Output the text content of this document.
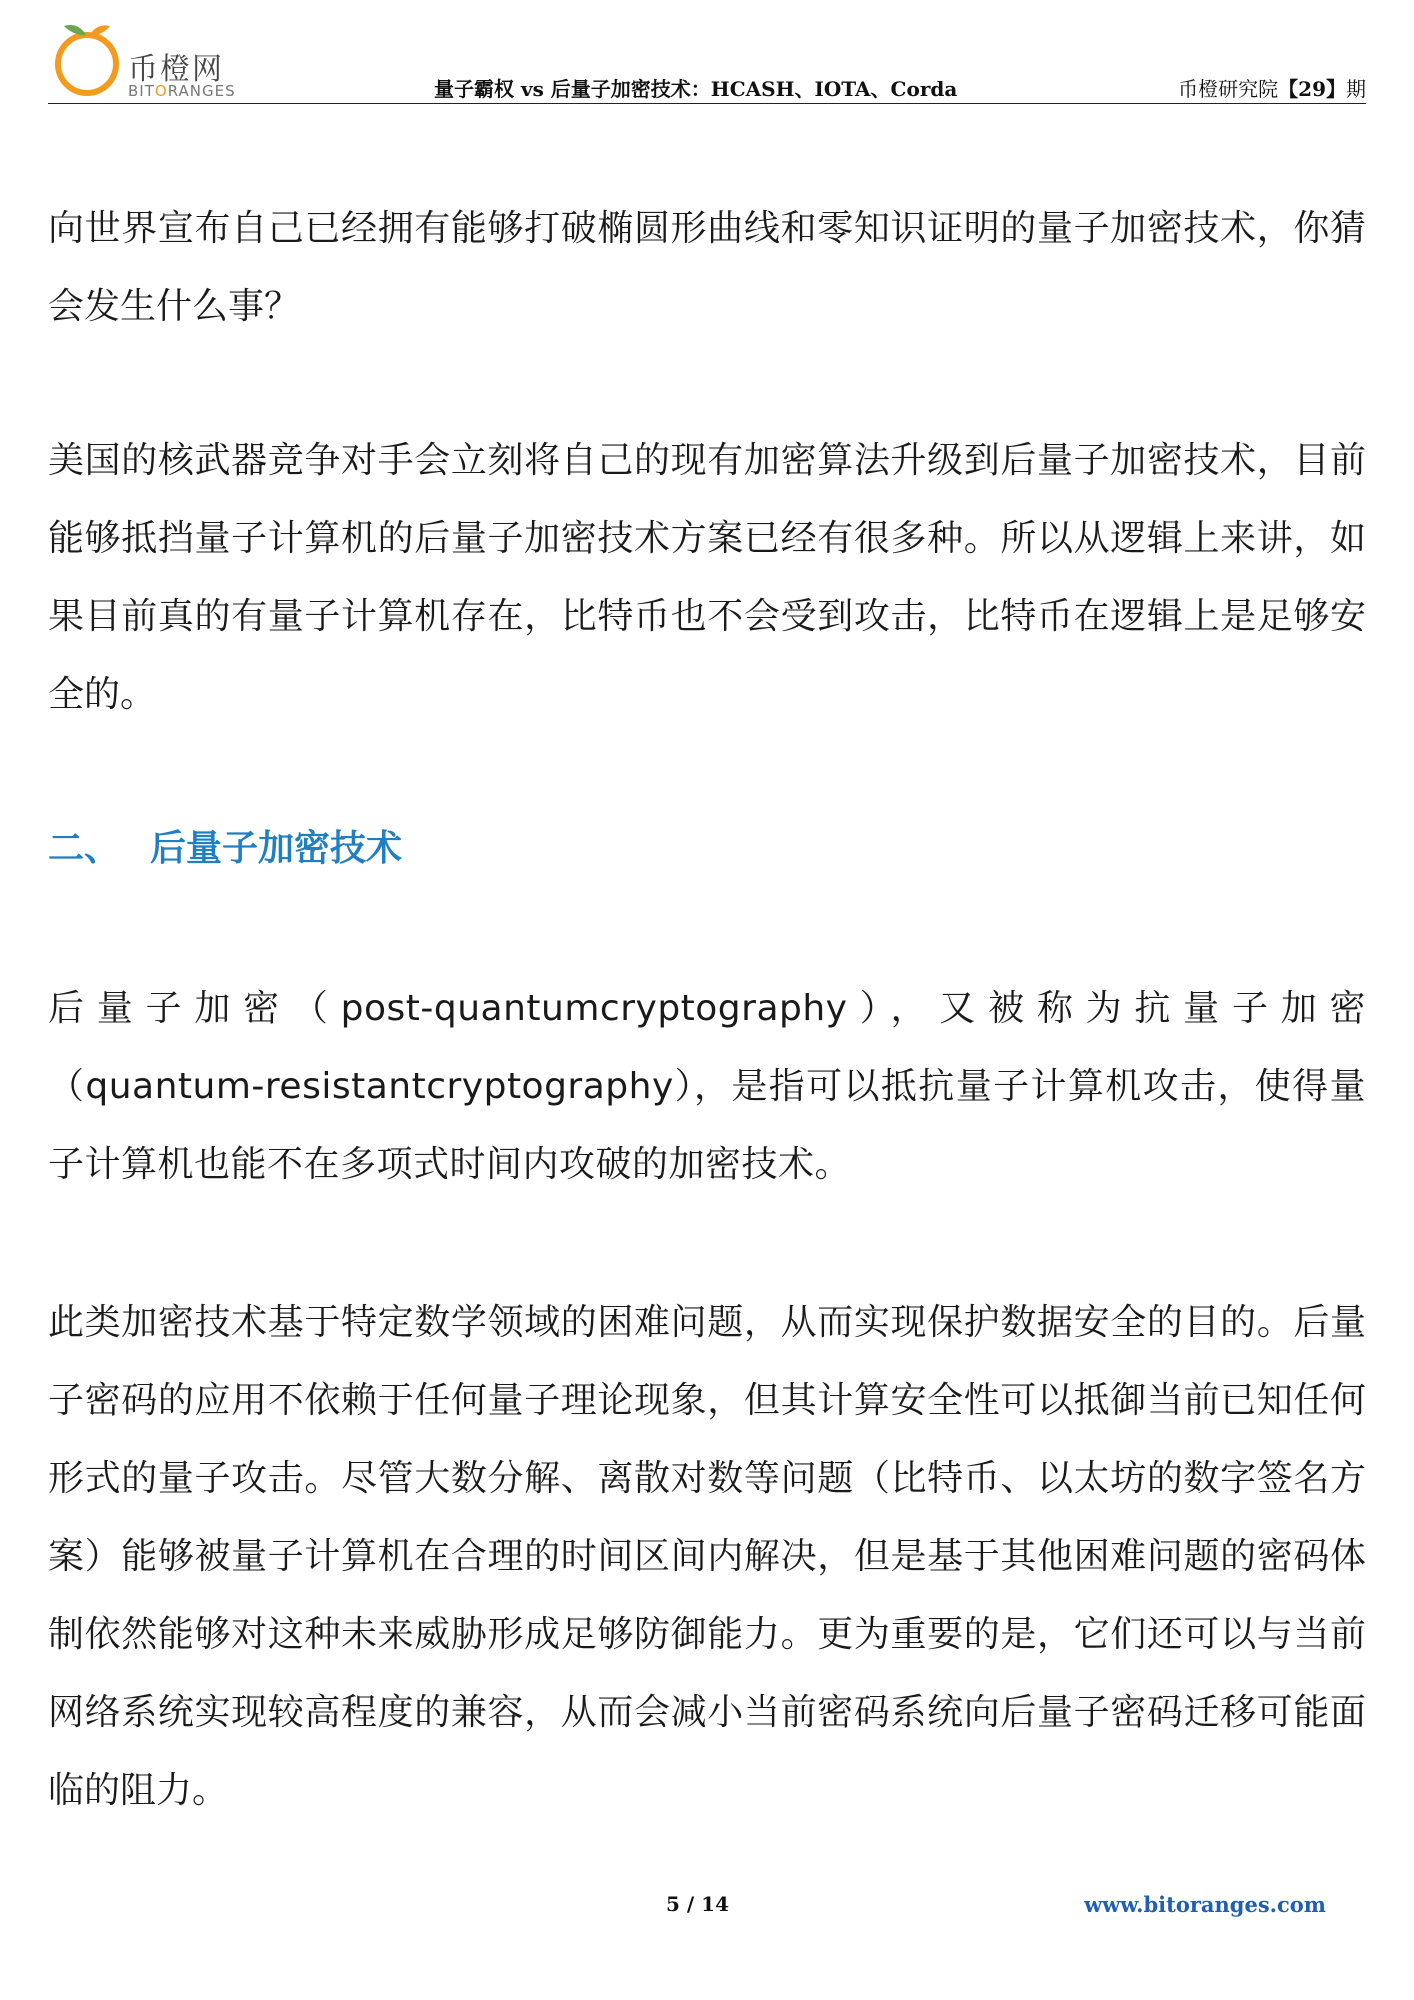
币橙网
BITORANGES	量子霸权 vs 后量子加密技术：HCASH、IOTA、Corda	币橙研究院【29】期

向世界宣布自己已经拥有能够打破椭圆形曲线和零知识证明的量子加密技术，你猜会发生什么事？

美国的核武器竞争对手会立刻将自己的现有加密算法升级到后量子加密技术，目前能够抵挡量子计算机的后量子加密技术方案已经有很多种。所以从逻辑上来讲，如果目前真的有量子计算机存在，比特币也不会受到攻击，比特币在逻辑上是足够安全的。

二、 后量子加密技术

后量子加密（post-quantumcryptography），又被称为抗量子加密（quantum-resistantcryptography），是指可以抵抗量子计算机攻击，使得量子计算机也能不在多项式时间内攻破的加密技术。

此类加密技术基于特定数学领域的困难问题，从而实现保护数据安全的目的。后量子密码的应用不依赖于任何量子理论现象，但其计算安全性可以抵御当前已知任何形式的量子攻击。尽管大数分解、离散对数等问题（比特币、以太坊的数字签名方案）能够被量子计算机在合理的时间区间内解决，但是基于其他困难问题的密码体制依然能够对这种未来威胁形成足够防御能力。更为重要的是，它们还可以与当前网络系统实现较高程度的兼容，从而会减小当前密码系统向后量子密码迁移可能面临的阻力。

5 / 14	www.bitoranges.com
